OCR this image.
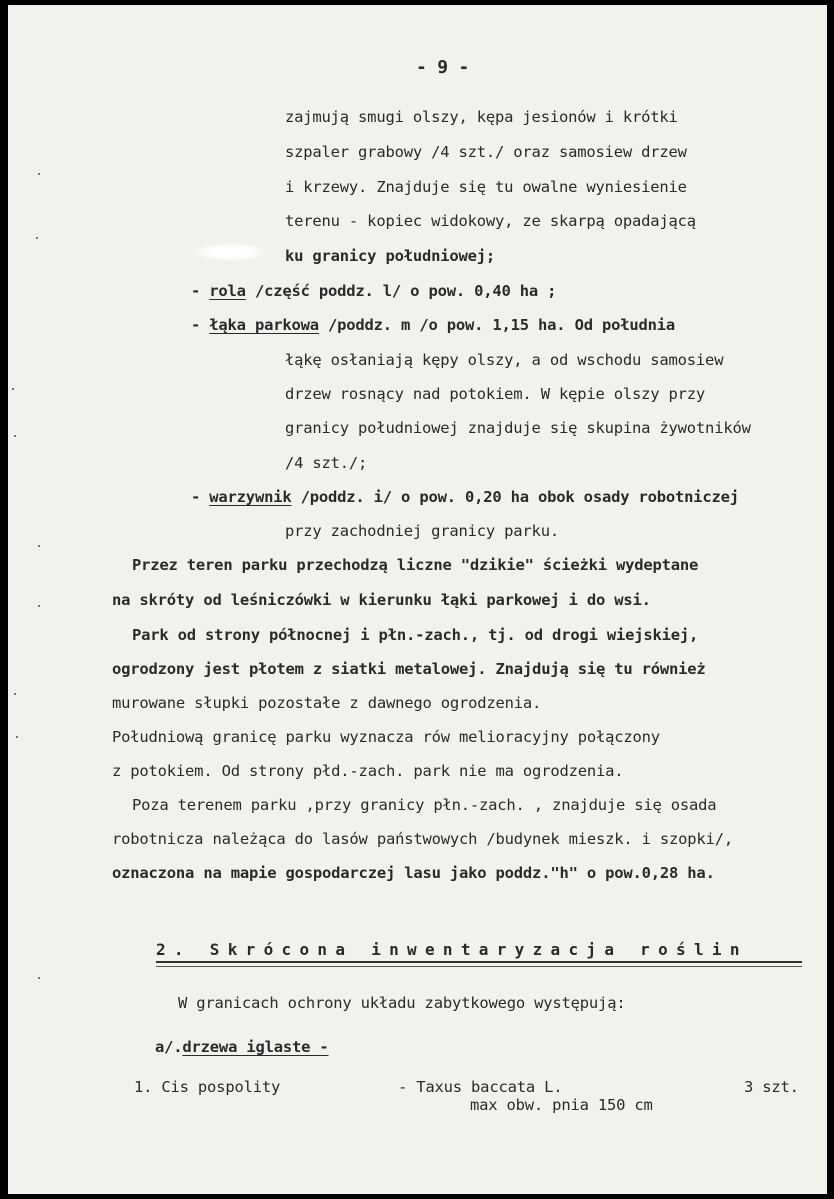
- 9 -
zajmują smugi olszy, kępa jesionów i krótki
szpaler grabowy /4 szt./ oraz samosiew drzew
i krzewy. Znajduje się tu owalne wyniesienie
terenu - kopiec widokowy, ze skarpą opadającą
ku granicy południowej;
- rola /część poddz. l/ o pow. 0,40 ha ;
- łąka parkowa /poddz. m /o pow. 1,15 ha. Od południa
łąkę osłaniają kępy olszy, a od wschodu samosiew
drzew rosnący nad potokiem. W kępie olszy przy
granicy południowej znajduje się skupina żywotników
/4 szt./;
- warzywnik /poddz. i/ o pow. 0,20 ha obok osady robotniczej
przy zachodniej granicy parku.
Przez teren parku przechodzą liczne "dzikie" ścieżki wydeptane
na skróty od leśniczówki w kierunku łąki parkowej i do wsi.
Park od strony północnej i płn.-zach., tj. od drogi wiejskiej,
ogrodzony jest płotem z siatki metalowej. Znajdują się tu również
murowane słupki pozostałe z dawnego ogrodzenia.
Południową granicę parku wyznacza rów melioracyjny połączony
z potokiem. Od strony płd.-zach. park nie ma ogrodzenia.
Poza terenem parku ,przy granicy płn.-zach. , znajduje się osada
robotnicza należąca do lasów państwowych /budynek mieszk. i szopki/,
oznaczona na mapie gospodarczej lasu jako poddz."h" o pow.0,28 ha.
2. Skrócona inwentaryzacja roślin
W granicach ochrony układu zabytkowego występują:
a/.drzewa iglaste -
1. Cis pospolity	- Taxus baccata L.	3 szt.
max obw. pnia 150 cm
